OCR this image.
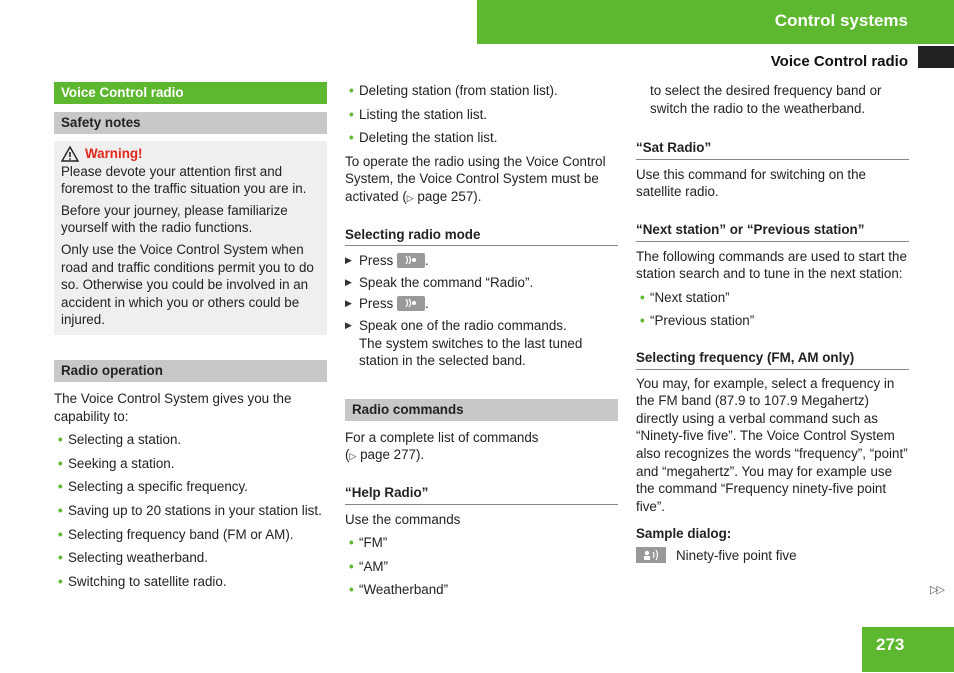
Control systems
Voice Control radio
Voice Control radio
Safety notes
Warning!

Please devote your attention first and foremost to the traffic situation you are in.

Before your journey, please familiarize yourself with the radio functions.

Only use the Voice Control System when road and traffic conditions permit you to do so. Otherwise you could be involved in an accident in which you or others could be injured.

Radio operation

The Voice Control System gives you the capability to:

• Selecting a station.
• Seeking a station.
• Selecting a specific frequency.
• Saving up to 20 stations in your station list.
• Selecting frequency band (FM or AM).
• Selecting weatherband.
• Switching to satellite radio.
• Deleting station (from station list).
• Listing the station list.
• Deleting the station list.

To operate the radio using the Voice Control System, the Voice Control System must be activated (▷ page 257).

Selecting radio mode
▶ Press .
▶ Speak the command “Radio”.
▶ Press .
▶ Speak one of the radio commands.
The system switches to the last tuned station in the selected band.
Radio commands

For a complete list of commands
(▷ page 277).

“Help Radio”

Use the commands

• “FM”
• “AM”
• “Weatherband”

to select the desired frequency band or switch the radio to the weatherband.

“Sat Radio”

Use this command for switching on the satellite radio.

“Next station” or “Previous station”

The following commands are used to start the station search and to tune in the next station:

• “Next station”
• “Previous station”
Selecting frequency (FM, AM only)

You may, for example, select a frequency in the FM band (87.9 to 107.9 Megahertz) directly using a verbal command such as “Ninety-five five”. The Voice Control System also recognizes the words “frequency”, “point” and “megahertz”. You may for example use the command “Frequency ninety-five point five”.

Sample dialog:

Ninety-five point five

▷▷
273
